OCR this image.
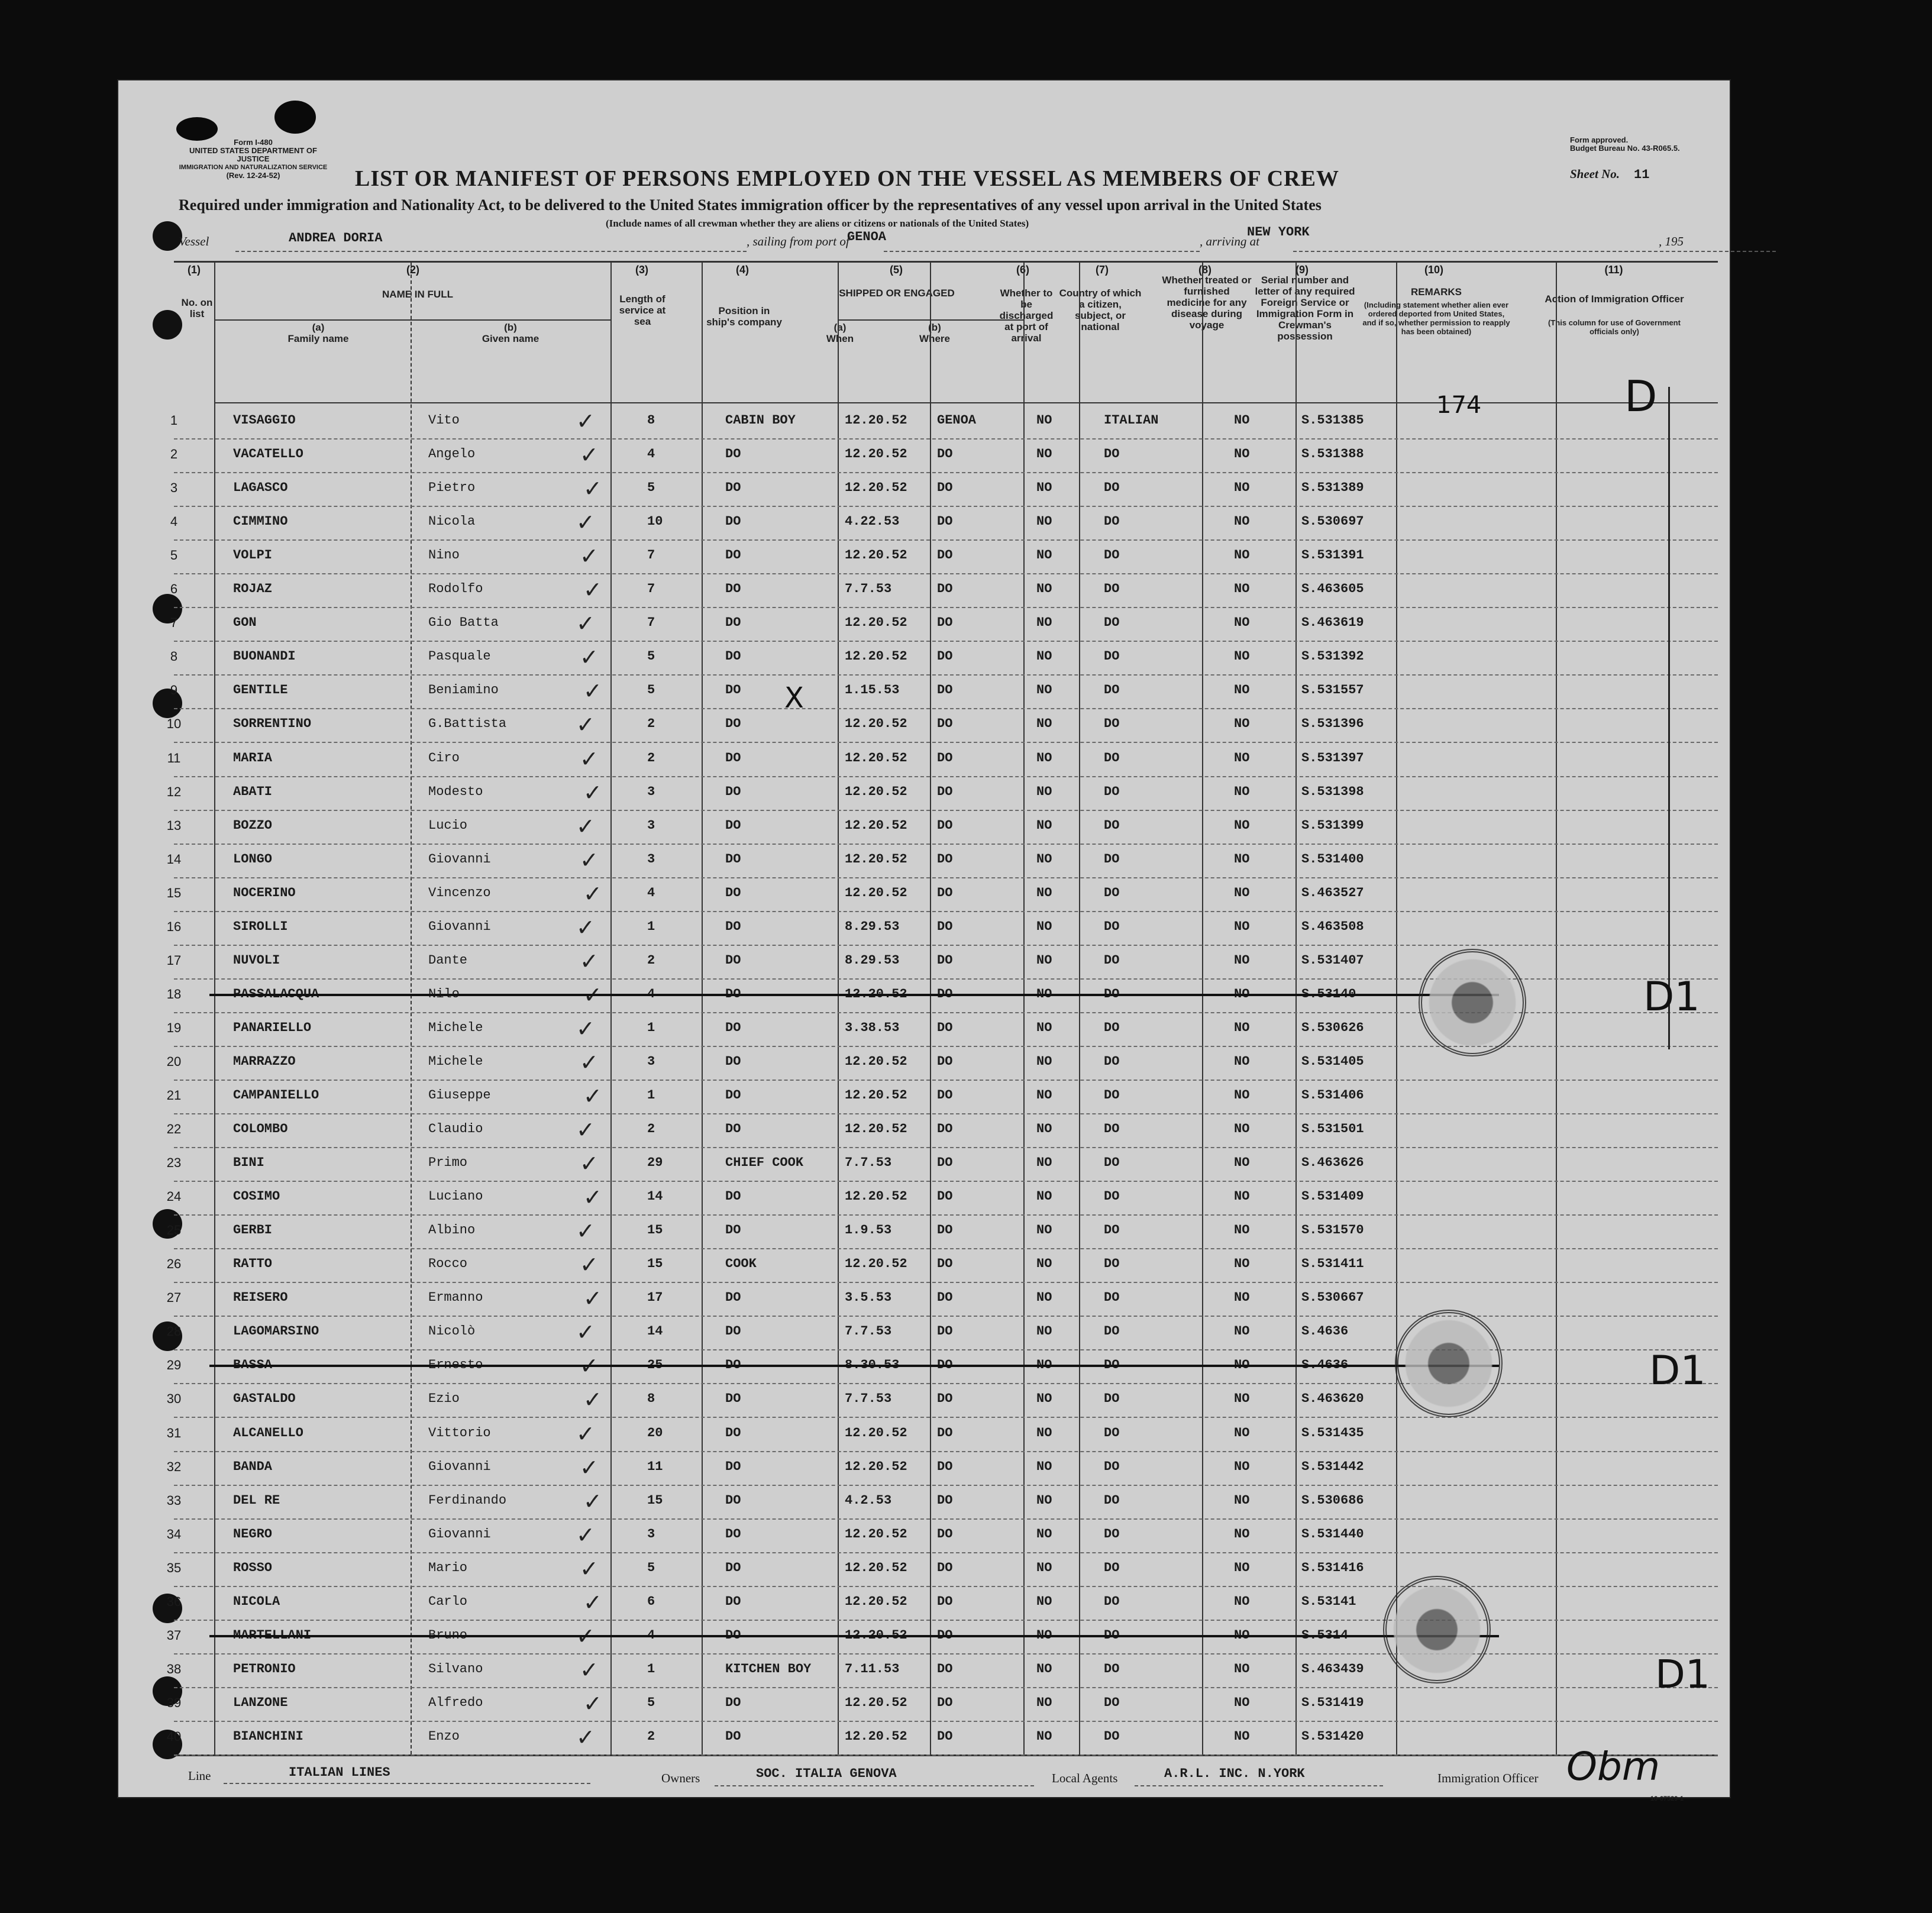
Form I-480
UNITED STATES DEPARTMENT OF JUSTICE
IMMIGRATION AND NATURALIZATION SERVICE
(Rev. 12-24-52)
Form approved.
Budget Bureau No. 43-R065.5.
LIST OR MANIFEST OF PERSONS EMPLOYED ON THE VESSEL AS MEMBERS OF CREW	Sheet No. 11
Required under immigration and Nationality Act, to be delivered to the United States immigration officer by the representatives of any vessel upon arrival in the United States
(Include names of all crewman whether they are aliens or citizens or nationals of the United States)
Vessel	ANDREA DORIA	, sailing from port of
GENOA	, arriving at
NEW YORK
, 195
(1)
No. on list
(2)
NAME IN FULL
(a)
Family name
(b)
Given name
(3)
Length of service at sea
(4)
Position in ship's company
(5)
SHIPPED OR ENGAGED
(a)
When
(b)
Where
(6)
Whether to be discharged at port of arrival
(7)
Country of which a citizen, subject, or national
(8)
Whether treated or furnished medicine for any disease during voyage
(9)
Serial number and letter of any required Foreign Service or Immigration Form in Crewman's possession
(10)
REMARKS
(Including statement whether alien ever ordered deported from United States, and if so, whether permission to reapply has been obtained)
(11)
Action of Immigration Officer
(This column for use of Government officials only)
1	VISAGGIO	Vito	8	CABIN BOY	12.20.52 GENOA	NO	ITALIAN	NO	S.531385
✓
2	VACATELLO	Angelo	4	DO	12.20.52 DO	NO	DO	NO	S.531388
✓
3	LAGASCO	Pietro	5	DO	12.20.52 DO	NO	DO	NO	S.531389
✓
4	CIMMINO	Nicola	10	DO	4.22.53	DO	NO	DO	NO	S.530697
✓
5	VOLPI	Nino	7	DO	12.20.52 DO	NO	DO	NO	S.531391
✓
6	ROJAZ	Rodolfo	7	DO	7.7.53	DO	NO	DO	NO	S.463605
✓
7	GON	Gio Batta	7	DO	12.20.52 DO	NO	DO	NO	S.463619
✓
8	BUONANDI	Pasquale	5	DO	12.20.52 DO	NO	DO	NO	S.531392
✓
9	GENTILE	Beniamino	5	DO	1.15.53	DO	NO	DO	NO	S.531557
✓
10	SORRENTINO	G.Battista	2	DO	12.20.52 DO	NO	DO	NO	S.531396
✓
11	MARIA	Ciro	2	DO	12.20.52 DO	NO	DO	NO	S.531397
✓
12	ABATI	Modesto	3	DO	12.20.52 DO	NO	DO	NO	S.531398
✓
13	BOZZO	Lucio	3	DO	12.20.52 DO	NO	DO	NO	S.531399
✓
14	LONGO	Giovanni	3	DO	12.20.52 DO	NO	DO	NO	S.531400
✓
15	NOCERINO	Vincenzo	4	DO	12.20.52 DO	NO	DO	NO	S.463527
✓
16	SIROLLI	Giovanni	1	DO	8.29.53	DO	NO	DO	NO	S.463508
✓
17	NUVOLI	Dante	2	DO	8.29.53	DO	NO	DO	NO	S.531407
✓
18	PASSALACQUA	Nilo	4	DO	12.20.52 DO	NO	DO	NO	S.53140
✓
19	PANARIELLO	Michele	1	DO	3.38.53	DO	NO	DO	NO	S.530626
✓
20	MARRAZZO	Michele	3	DO	12.20.52 DO	NO	DO	NO	S.531405
✓
21	CAMPANIELLO	Giuseppe	1	DO	12.20.52 DO	NO	DO	NO	S.531406
✓
22	COLOMBO	Claudio	2	DO	12.20.52 DO	NO	DO	NO	S.531501
✓
23	BINI	Primo	29	CHIEF COOK	7.7.53	DO	NO	DO	NO	S.463626
✓
24	COSIMO	Luciano	14	DO	12.20.52 DO	NO	DO	NO	S.531409
✓
25	GERBI	Albino	15	DO	1.9.53	DO	NO	DO	NO	S.531570
✓
26	RATTO	Rocco	15	COOK	12.20.52 DO	NO	DO	NO	S.531411
✓
27	REISERO	Ermanno	17	DO	3.5.53	DO	NO	DO	NO	S.530667
✓
28	LAGOMARSINO	Nicolò	14	DO	7.7.53	DO	NO	DO	NO	S.4636
✓
29	BASSA	Ernesto	25	DO	8.30.53	DO	NO	DO	NO	S.4636
✓
30	GASTALDO	Ezio	8	DO	7.7.53	DO	NO	DO	NO	S.463620
✓
31	ALCANELLO	Vittorio	20	DO	12.20.52 DO	NO	DO	NO	S.531435
✓
32	BANDA	Giovanni	11	DO	12.20.52 DO	NO	DO	NO	S.531442
✓
33	DEL RE	Ferdinando	15	DO	4.2.53	DO	NO	DO	NO	S.530686
✓
34	NEGRO	Giovanni	3	DO	12.20.52 DO	NO	DO	NO	S.531440
✓
35	ROSSO	Mario	5	DO	12.20.52 DO	NO	DO	NO	S.531416
✓
36	NICOLA	Carlo	6	DO	12.20.52 DO	NO	DO	NO	S.53141
✓
37	MARTELLANI	Bruno	4	DO	12.20.52 DO	NO	DO	NO	S.5314
✓
38	PETRONIO	Silvano	1	KITCHEN BOY	7.11.53	DO	NO	DO	NO	S.463439
✓
39	LANZONE	Alfredo	5	DO	12.20.52 DO	NO	DO	NO	S.531419
✓
40	BIANCHINI	Enzo	2	DO	12.20.52 DO	NO	DO	NO	S.531420
✓
174	D
D1
D1
D1
X
Line	ITALIAN LINES	Owners	SOC. ITALIA GENOVA	Local Agents	A.R.L. INC. N.YORK	Immigration Officer Obm
16-67529-1
